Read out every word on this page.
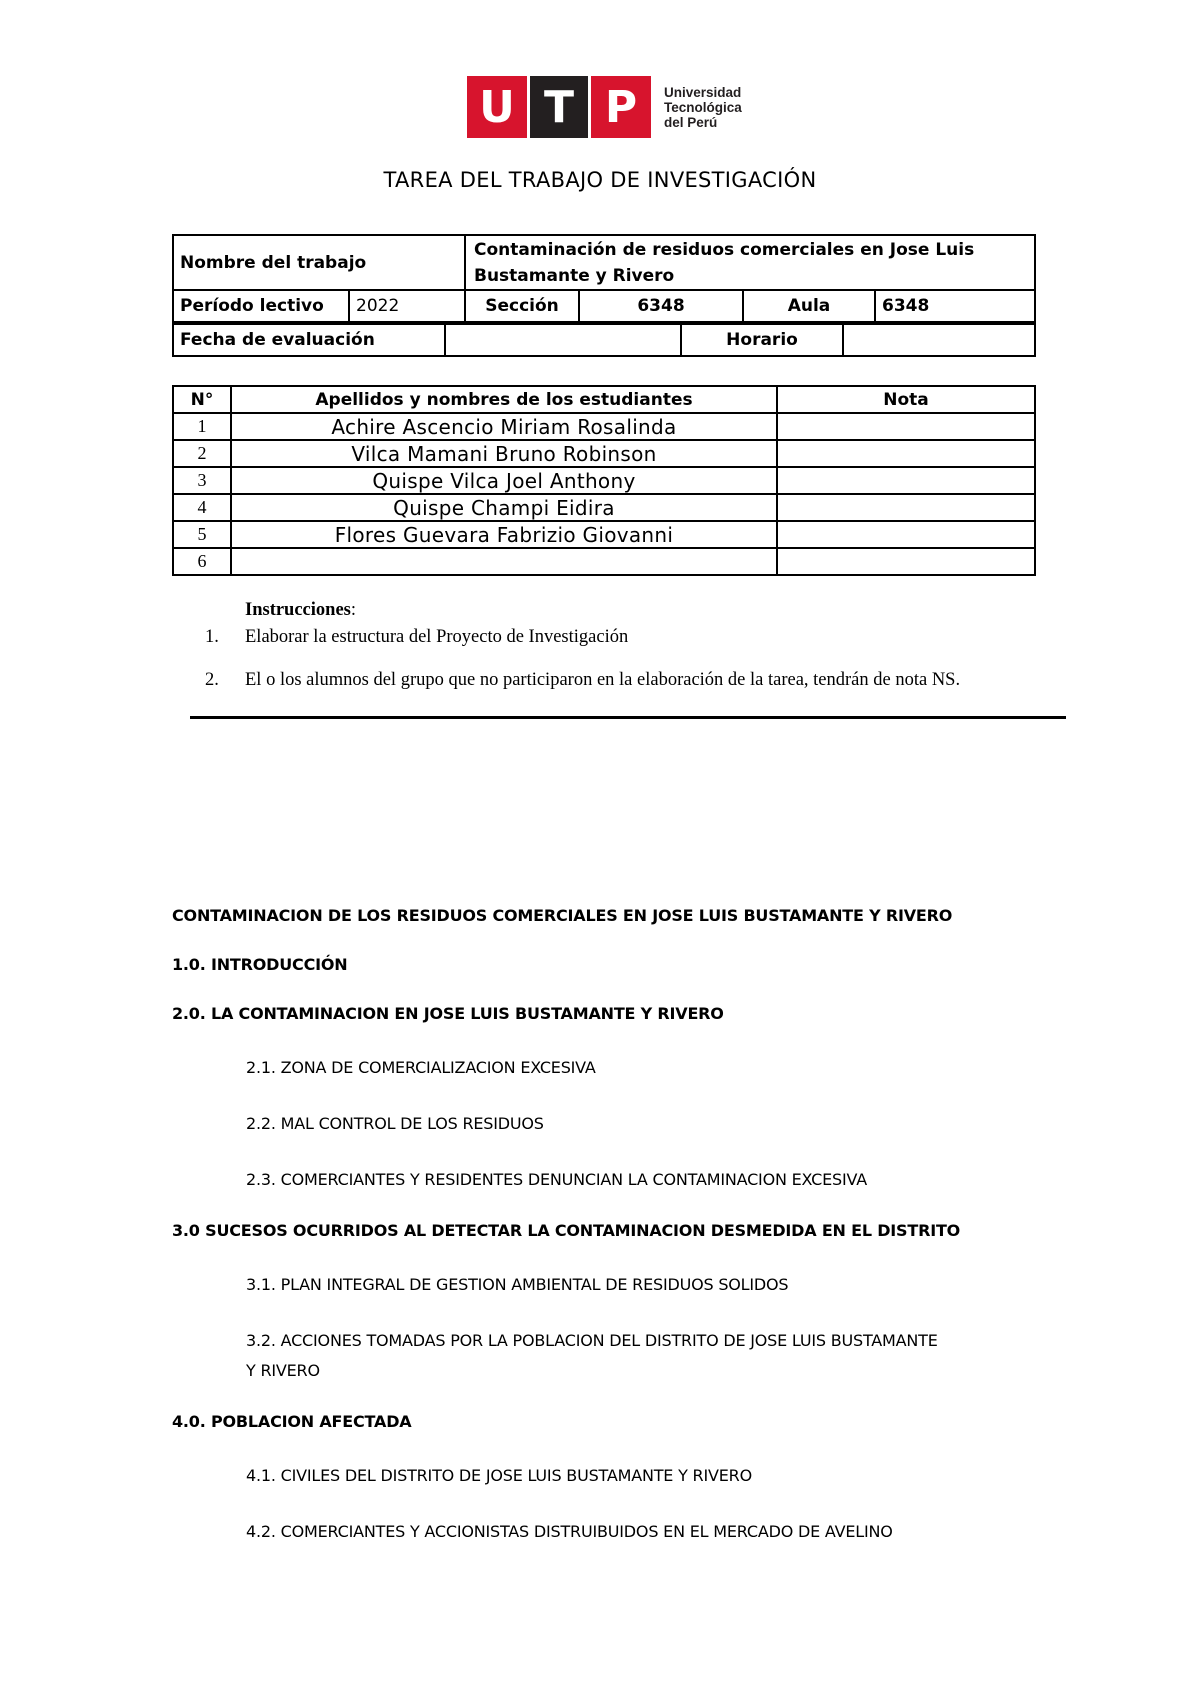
U T P	Universidad
Tecnológica
del Perú
TAREA DEL TRABAJO DE INVESTIGACIÓN
Nombre del trabajo		Contaminación de residuos comerciales en Jose Luis Bustamante y Rivero			
Período lectivo	2022	Sección	6348	Aula	6348
Fecha de evaluación		Horario	
N°	Apellidos y nombres de los estudiantes	Nota
1	Achire Ascencio Miriam Rosalinda	
2	Vilca Mamani Bruno Robinson	
3	Quispe Vilca Joel Anthony	
4	Quispe Champi Eidira	
5	Flores Guevara Fabrizio Giovanni	
6		
Instrucciones:
1.	Elaborar la estructura del Proyecto de Investigación
2.	El o los alumnos del grupo que no participaron en la elaboración de la tarea, tendrán de nota NS.
CONTAMINACION DE LOS RESIDUOS COMERCIALES EN JOSE LUIS BUSTAMANTE Y RIVERO
1.0. INTRODUCCIÓN
2.0. LA CONTAMINACION EN JOSE LUIS BUSTAMANTE Y RIVERO
2.1. ZONA DE COMERCIALIZACION EXCESIVA
2.2. MAL CONTROL DE LOS RESIDUOS
2.3. COMERCIANTES Y RESIDENTES DENUNCIAN LA CONTAMINACION EXCESIVA
3.0 SUCESOS OCURRIDOS AL DETECTAR LA CONTAMINACION DESMEDIDA EN EL DISTRITO
3.1. PLAN INTEGRAL DE GESTION AMBIENTAL DE RESIDUOS SOLIDOS
3.2. ACCIONES TOMADAS POR LA POBLACION DEL DISTRITO DE JOSE LUIS BUSTAMANTE Y RIVERO
4.0. POBLACION AFECTADA
4.1. CIVILES DEL DISTRITO DE JOSE LUIS BUSTAMANTE Y RIVERO
4.2. COMERCIANTES Y ACCIONISTAS DISTRUIBUIDOS EN EL MERCADO DE AVELINO
